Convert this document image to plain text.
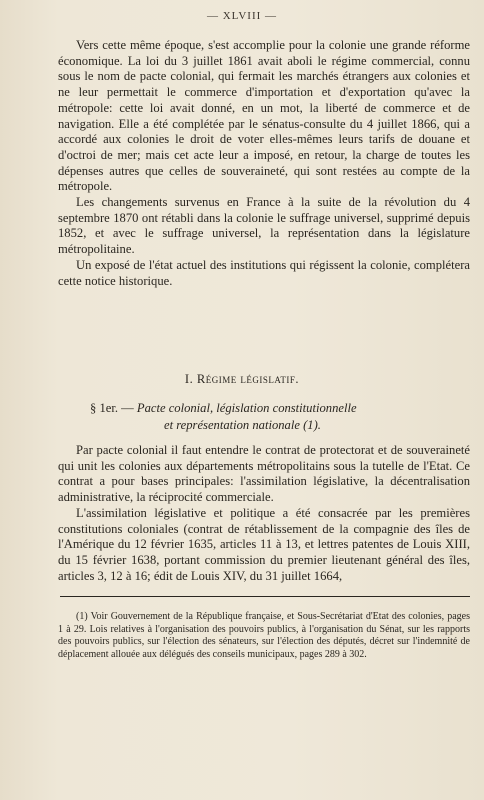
— XLVIII —

Vers cette même époque, s'est accomplie pour la colonie une grande réforme économique. La loi du 3 juillet 1861 avait aboli le régime commercial, connu sous le nom de pacte colonial, qui fermait les marchés étrangers aux colonies et ne leur permettait le commerce d'importation et d'exportation qu'avec la métropole: cette loi avait donné, en un mot, la liberté de commerce et de navigation. Elle a été complétée par le sénatus-consulte du 4 juillet 1866, qui a accordé aux colonies le droit de voter elles-mêmes leurs tarifs de douane et d'octroi de mer; mais cet acte leur a imposé, en retour, la charge de toutes les dépenses autres que celles de souveraineté, qui sont restées au compte de la métropole.

Les changements survenus en France à la suite de la révolution du 4 septembre 1870 ont rétabli dans la colonie le suffrage universel, supprimé depuis 1852, et avec le suffrage universel, la représentation dans la législature métropolitaine.

Un exposé de l'état actuel des institutions qui régissent la colonie, complétera cette notice historique.

I. Régime législatif.
§ 1er. — Pacte colonial, législation constitutionnelle
et représentation nationale (1).

Par pacte colonial il faut entendre le contrat de protectorat et de souveraineté qui unit les colonies aux départements métropolitains sous la tutelle de l'Etat. Ce contrat a pour bases principales: l'assimilation législative, la décentralisation administrative, la réciprocité commerciale.

L'assimilation législative et politique a été consacrée par les premières constitutions coloniales (contrat de rétablissement de la compagnie des îles de l'Amérique du 12 février 1635, articles 11 à 13, et lettres patentes de Louis XIII, du 15 février 1638, portant commission du premier lieutenant général des îles, articles 3, 12 à 16; édit de Louis XIV, du 31 juillet 1664,

(1) Voir Gouvernement de la République française, et Sous-Secrétariat d'Etat des colonies, pages 1 à 29. Lois relatives à l'organisation des pouvoirs publics, à l'organisation du Sénat, sur les rapports des pouvoirs publics, sur l'élection des sénateurs, sur l'élection des députés, décret sur l'indemnité de déplacement allouée aux délégués des conseils municipaux, pages 289 à 302.
